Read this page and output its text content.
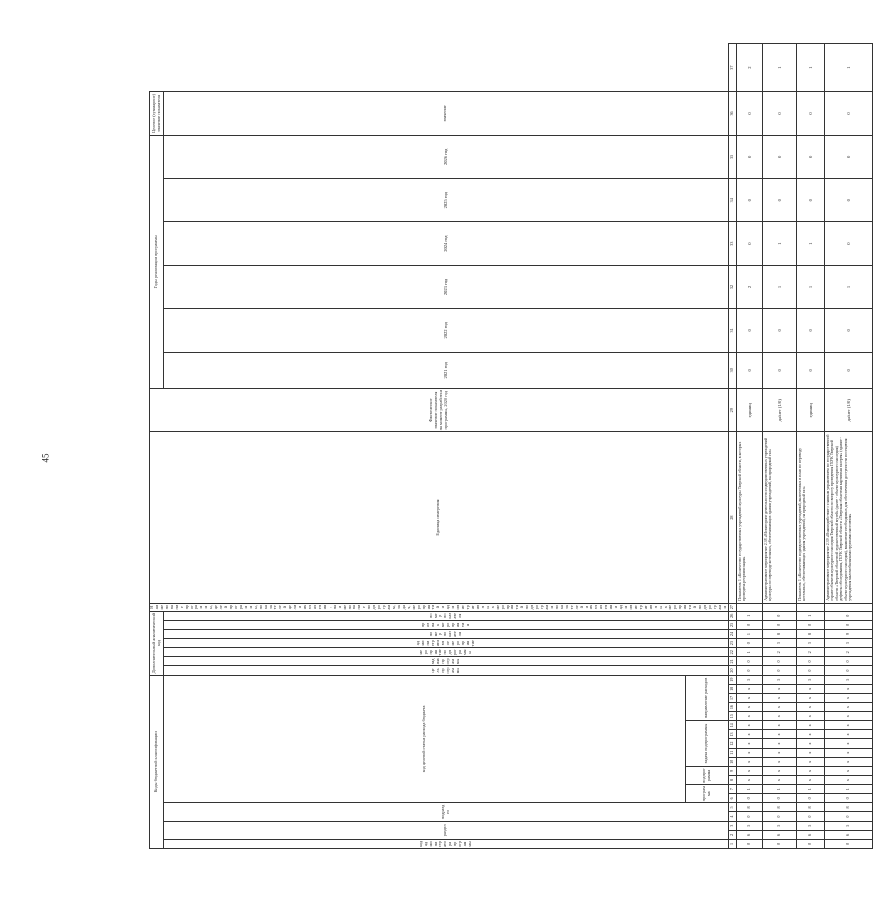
45
Коды бюджетной классификации																			Дополнительный аналитический код							Наименование программы, целей программы, показателей цели и их значения, наименование подпрограмм, задач, мероприятий и административных мероприятий подпрограмм показателей и их значения и административных мероприятий подпрограмм	Единица измерения	Фактическое значение показателя на момент разработки программы, 2020 год	Годы реализации программы						Целевое (суммарное) значение показателя	
код администратора программы	раздел		подраздел		код целевой статьи расхода бюджета														цель программы	задача программы	мероприятие подпрограммы	административное мероприятие	номер показателя	признак мероприятия	номер показателя				2021 год	2022 год	2023 год	2024 год	2025 год	2026 год	значение	
					программа		подпрограмма		задача подпрограммы					направление расходов																						
1	2	3	4	5	6	7	8	9	10	11	12	13	14	15	16	17	18	19	20	21	22	23	24	25	26	27	28	29	30	31	32	33	34	35	36	37
0	6	5	0	8	0	1	х	х	х	х	х	х	х	х	х	х	х	5	0	0	1	0	1	0	1		Показатель 1 «Количество государственных учреждений культуры Тверской области, в которых проведена реорганизация»	единиц	0	0	2	0	0	0	0	2
0	6	5	0	8	0	1	х	х	х	х	х	х	х	х	х	х	х	5	0	0	2	3	8	0	0		Административное мероприятие 2.38 «Мониторинг деятельности подведомственных учреждений культуры по переводу котельных, обеспечивающих здания учреждений, на природный газ»	да/нет (1/0)	0	0	1	1	0	0	0	1
0	6	5	0	8	0	1	х	х	х	х	х	х	х	х	х	х	х	5	0	0	2	3	8	0	1		Показатель 1 «Количество подведомственных учреждений, включенных в план по переводу котельных, обеспечивающих здания учреждений, на природный газ»	единиц	0	0	1	1	0	0	0	1
0	6	5	0	8	0	1	х	х	х	х	х	х	х	х	х	х	х	5	0	0	2	3	9	0	0		Административное мероприятие 2.39 «Взаимодействие с главным управлением по государственной охране объектов культурного наследия Тверской области по вопросу проведения ГБУК Тверской области «Тверской областной художественный музей» (далее - объект культурного наследия) дефекты обследования, ГБУК Тверской области «Тверская областная картинная галерея» (здание - объект культурного наследия), выявление необходимых для обеспечения доступности посещения учреждения маломобильными группами населения»	да/нет (1/0)	0	0	1	0	0	0	0	1
